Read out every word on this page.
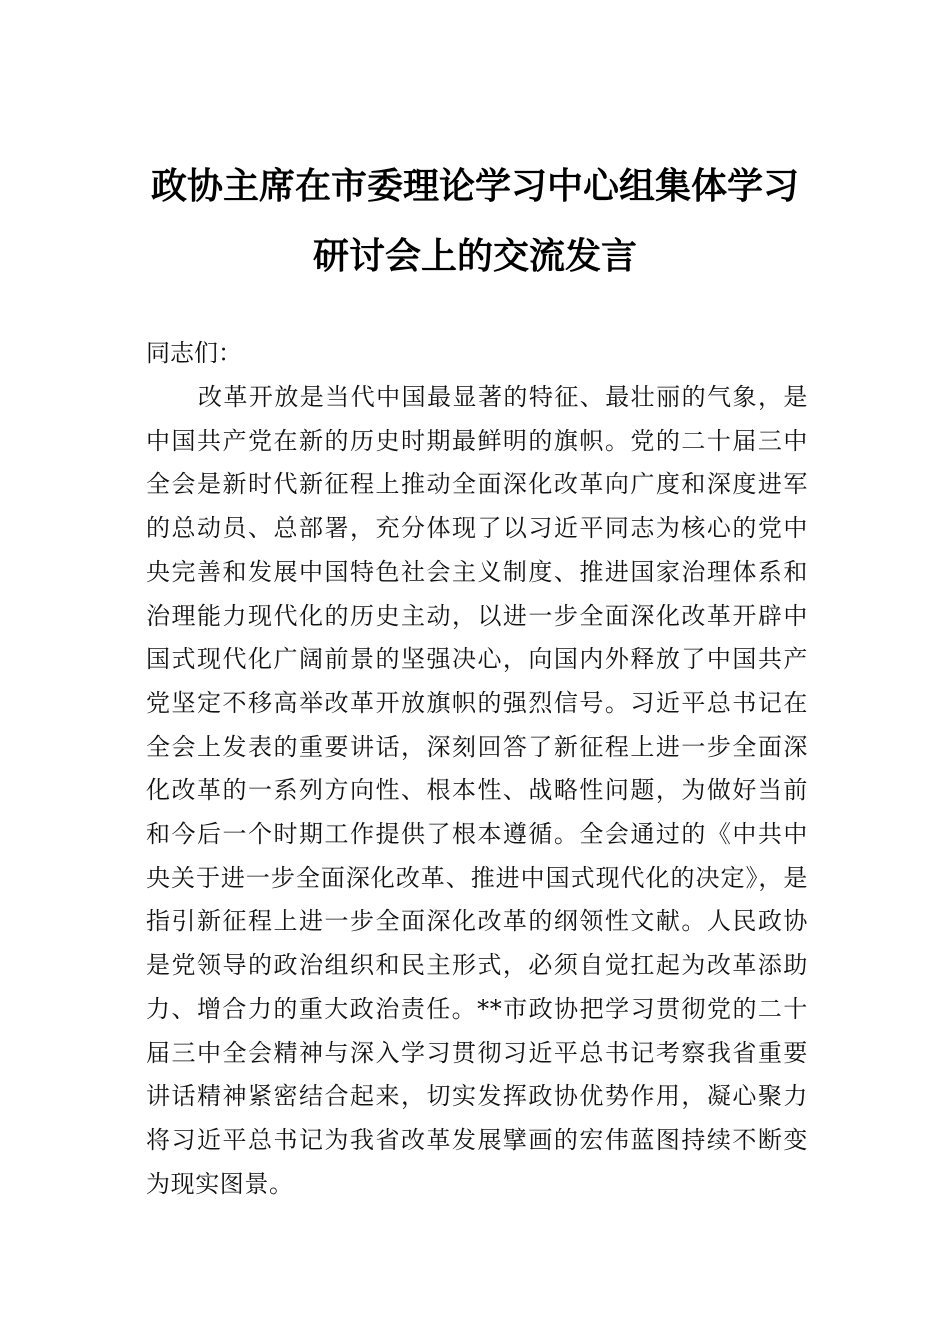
政协主席在市委理论学习中心组集体学习
研讨会上的交流发言

同志们：

改革开放是当代中国最显著的特征、最壮丽的气象，是中国共产党在新的历史时期最鲜明的旗帜。党的二十届三中全会是新时代新征程上推动全面深化改革向广度和深度进军的总动员、总部署，充分体现了以习近平同志为核心的党中央完善和发展中国特色社会主义制度、推进国家治理体系和治理能力现代化的历史主动，以进一步全面深化改革开辟中国式现代化广阔前景的坚强决心，向国内外释放了中国共产党坚定不移高举改革开放旗帜的强烈信号。习近平总书记在全会上发表的重要讲话，深刻回答了新征程上进一步全面深化改革的一系列方向性、根本性、战略性问题，为做好当前和今后一个时期工作提供了根本遵循。全会通过的《中共中央关于进一步全面深化改革、推进中国式现代化的决定》，是指引新征程上进一步全面深化改革的纲领性文献。人民政协是党领导的政治组织和民主形式，必须自觉扛起为改革添助力、增合力的重大政治责任。**市政协把学习贯彻党的二十届三中全会精神与深入学习贯彻习近平总书记考察我省重要讲话精神紧密结合起来，切实发挥政协优势作用，凝心聚力将习近平总书记为我省改革发展擘画的宏伟蓝图持续不断变为现实图景。
